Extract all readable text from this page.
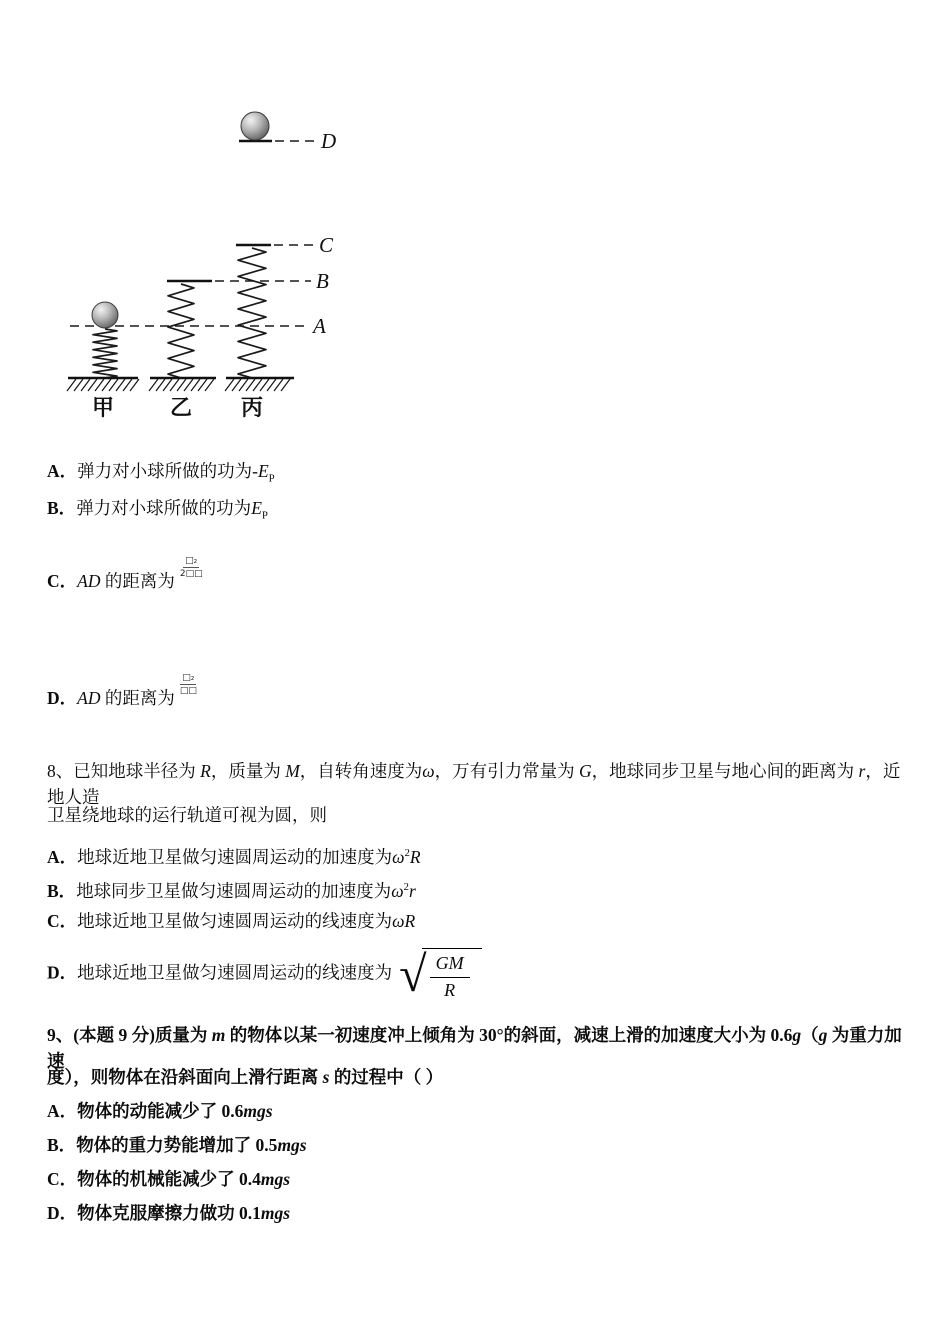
D
C
B
A
甲	乙 丙
A．弹力对小球所做的功为$-E_P$
B．弹力对小球所做的功为$E_P$
C．AD 的距离为
□₂
2□□
D．AD 的距离为
□₂
□□
8、已知地球半径为 R，质量为 M，自转角速度为ω，万有引力常量为 G，地球同步卫星与地心间的距离为 r，近地人造
卫星绕地球的运行轨道可视为圆，则
A．地球近地卫星做匀速圆周运动的加速度为$\omega^2R$
B．地球同步卫星做匀速圆周运动的加速度为$\omega^2r$
C．地球近地卫星做匀速圆周运动的线速度为ωR
D．地球近地卫星做匀速圆周运动的线速度为 √
$\frac{GM}{R}$
9、(本题 9 分)质量为 m 的物体以某一初速度冲上倾角为 30°的斜面，减速上滑的加速度大小为 0.6g（g 为重力加速
度），则物体在沿斜面向上滑行距离 s 的过程中（ ）
A．物体的动能减少了 0.6mgs
B．物体的重力势能增加了 0.5mgs
C．物体的机械能减少了 0.4mgs
D．物体克服摩擦力做功 0.1mgs
